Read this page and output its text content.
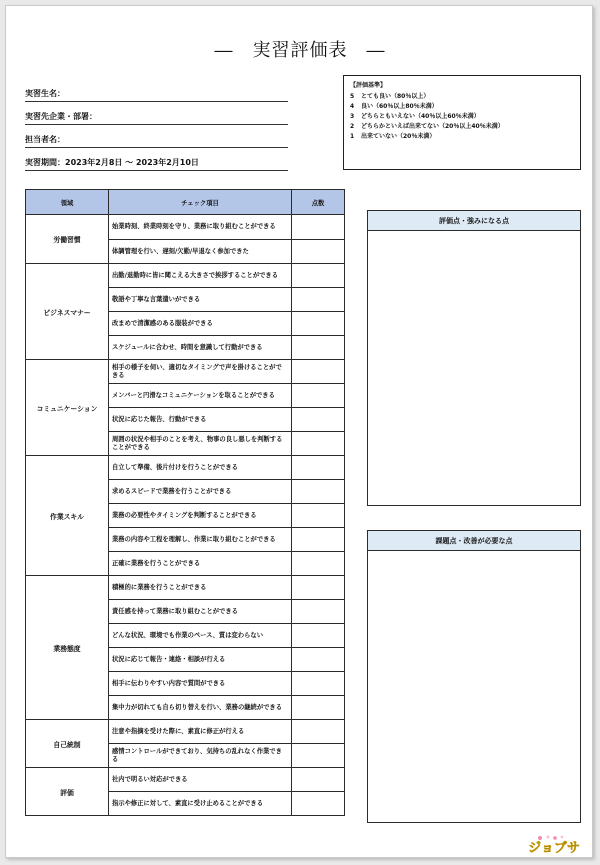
―　実習評価表　―
実習生名：
実習先企業・部署：
担当者名：
実習期間：2023年2月8日 ～ 2023年2月10日
【評価基準】
5	とても良い（80％以上）
4	良い（60％以上80％未満）
3	どちらともいえない（40％以上60％未満）
2	どちらかといえば出来てない（20％以上40％未満）
1	出来ていない（20％未満）
領域	チェック項目	点数
労働習慣	始業時刻、終業時刻を守り、業務に取り組むことができる	
	体調管理を行い、遅刻/欠勤/早退なく参加できた	
ビジネスマナー	出勤/退勤時に皆に聞こえる大きさで挨拶することができる	
	敬語や丁寧な言葉遣いができる	
	改まめで清潔感のある服装ができる	
	スケジュールに合わせ、時間を意識して行動ができる	
コミュニケーション	相手の様子を伺い、適切なタイミングで声を掛けることができる	
	メンバーと円滑なコミュニケーションを取ることができる	
	状況に応じた報告、行動ができる	
	周囲の状況や相手のことを考え、物事の良し悪しを判断することができる	
作業スキル	自立して準備、後片付けを行うことができる	
	求めるスピードで業務を行うことができる	
	業務の必要性やタイミングを判断することができる	
	業務の内容や工程を理解し、作業に取り組むことができる	
	正確に業務を行うことができる	
業務態度	積極的に業務を行うことができる	
	責任感を持って業務に取り組むことができる	
	どんな状況、環境でも作業のペース、質は変わらない	
	状況に応じて報告・連絡・相談が行える	
	相手に伝わりやすい内容で質問ができる	
	集中力が切れても自ら切り替えを行い、業務の継続ができる	
自己統制	注意や指摘を受けた際に、素直に修正が行える	
	感情コントロールができており、気持ちの乱れなく作業できる	
評価	社内で明るい対応ができる	
	指示や修正に対して、素直に受け止めることができる	
評価点・強みになる点
課題点・改善が必要な点
ジョブサ
